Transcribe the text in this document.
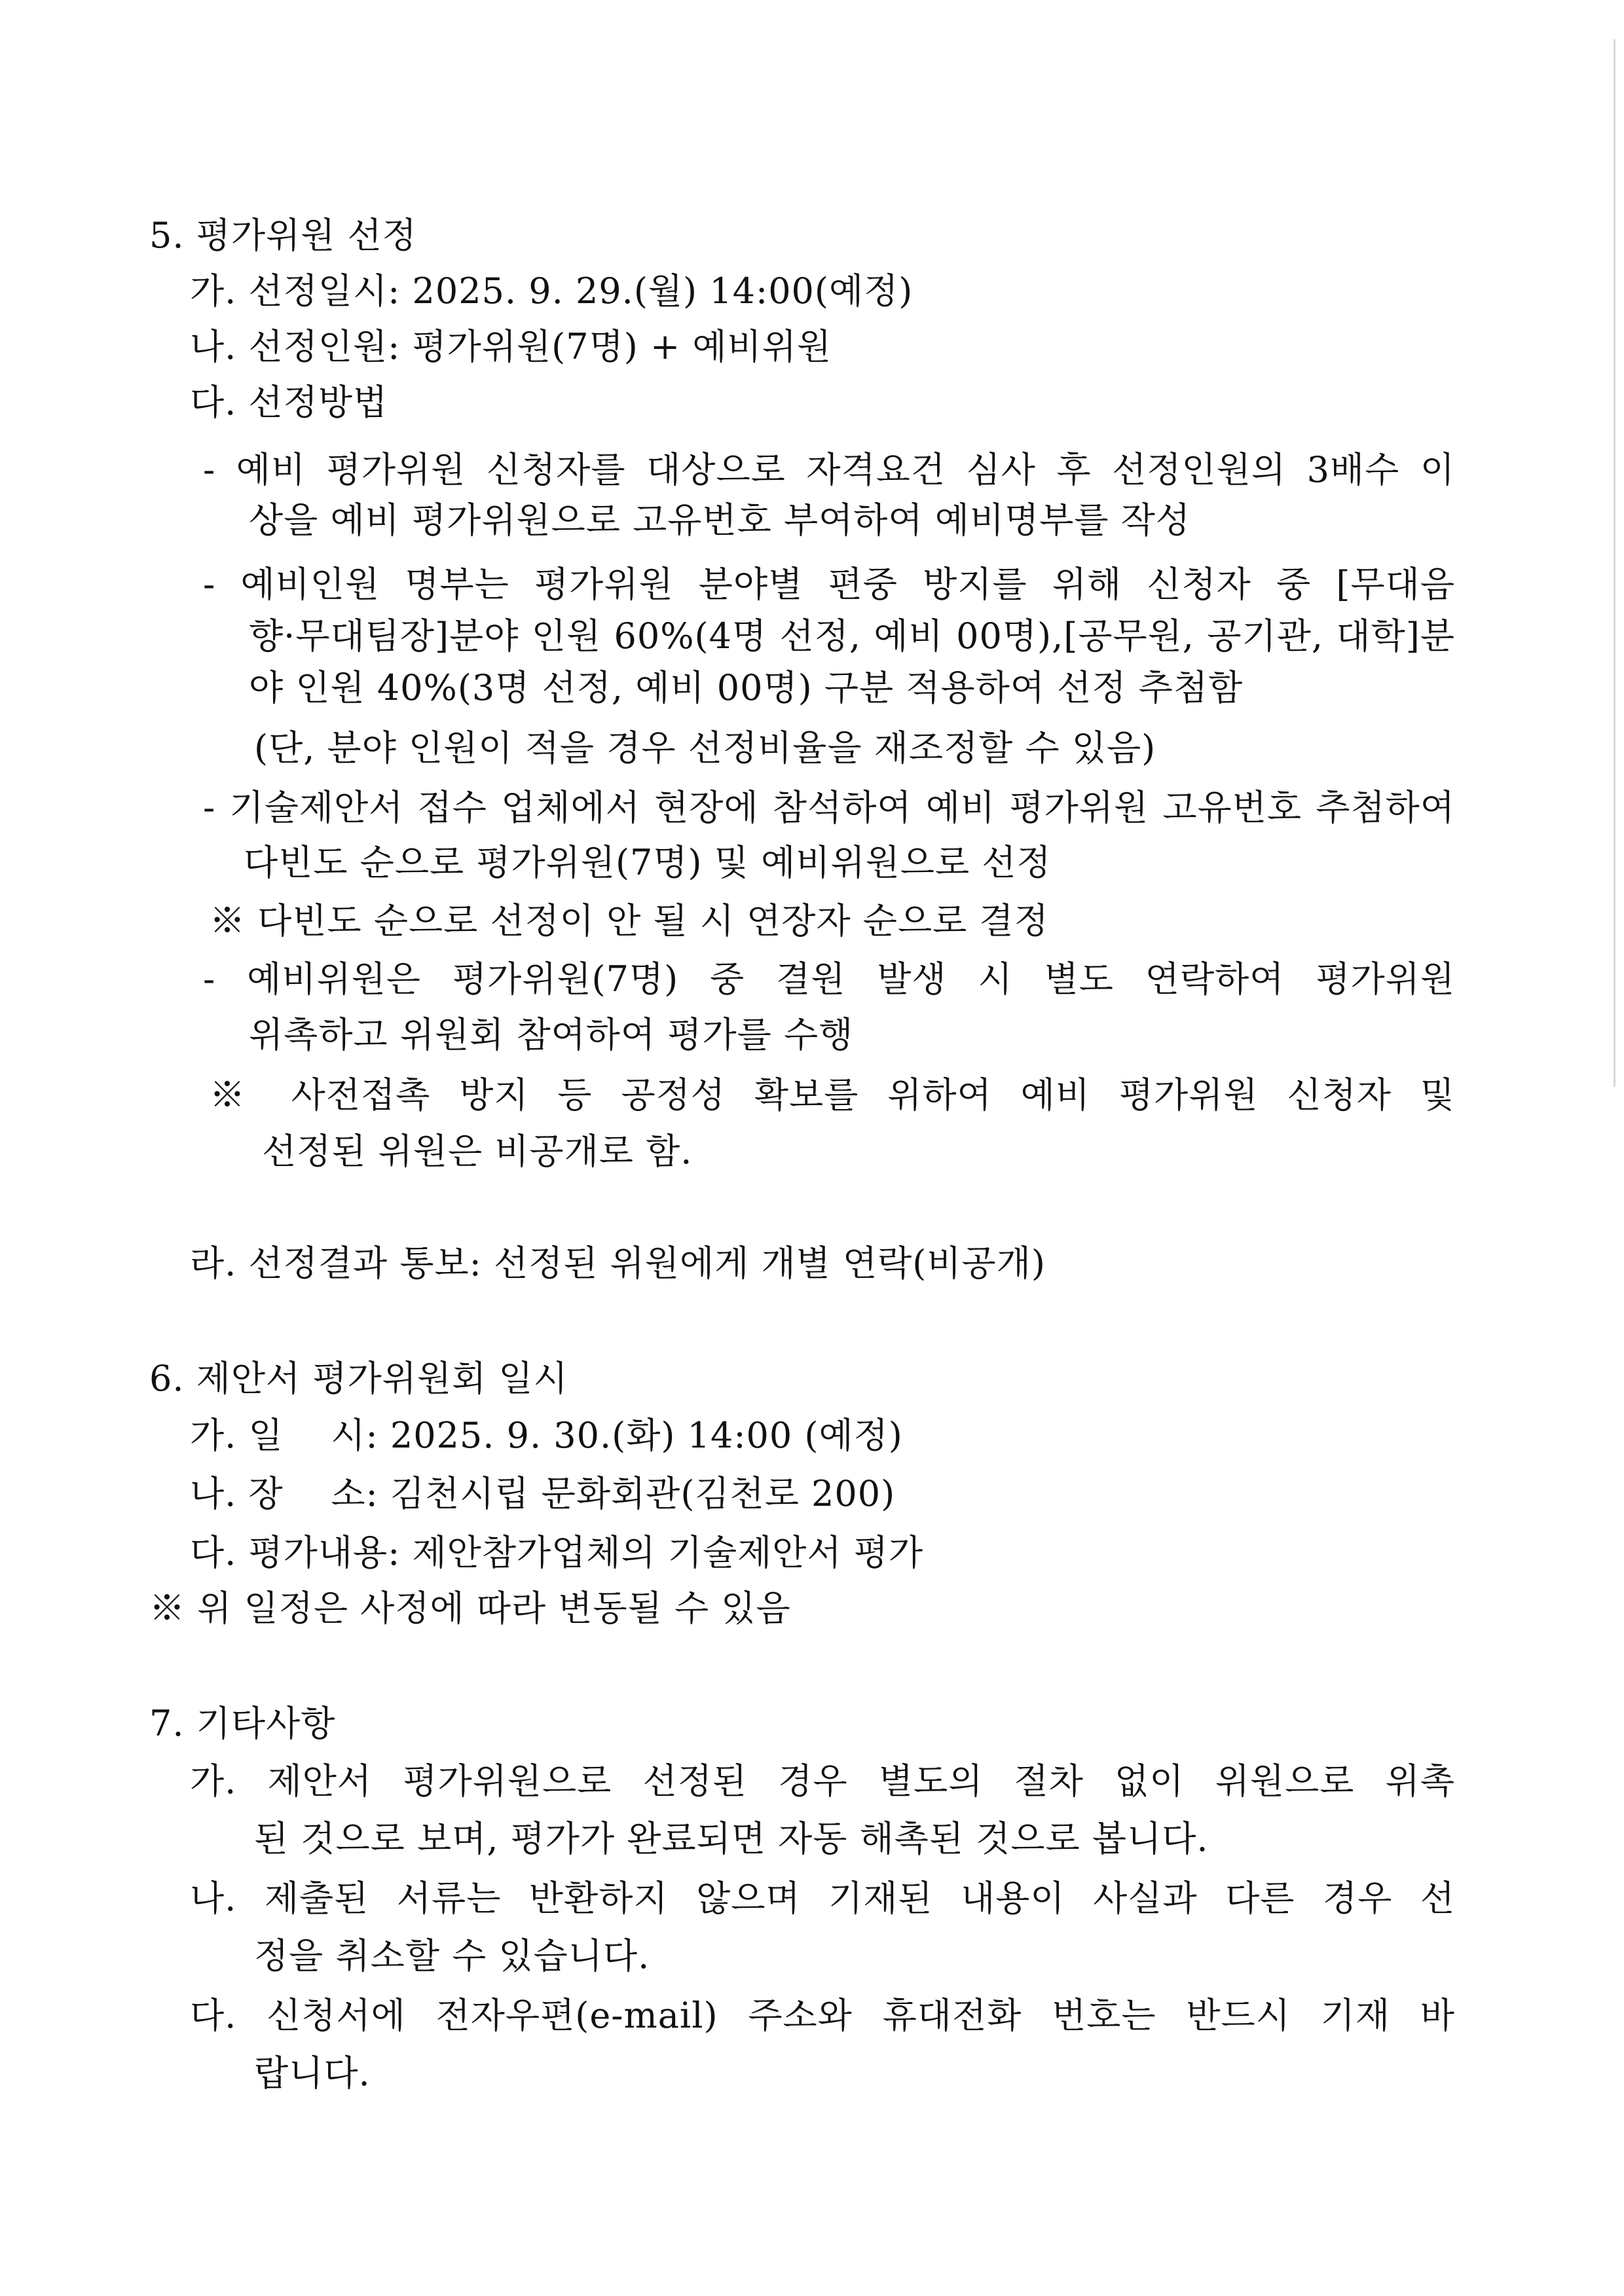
5. 평가위원 선정
가. 선정일시: 2025. 9. 29.(월) 14:00(예정)
나. 선정인원: 평가위원(7명) + 예비위원
다. 선정방법
- 예비 평가위원 신청자를 대상으로 자격요건 심사 후 선정인원의 3배수 이
상을 예비 평가위원으로 고유번호 부여하여 예비명부를 작성
- 예비인원 명부는 평가위원 분야별 편중 방지를 위해 신청자 중 [무대음
향·무대팀장]분야 인원 60%(4명 선정, 예비 00명),[공무원, 공기관, 대학]분
야 인원 40%(3명 선정, 예비 00명) 구분 적용하여 선정 추첨함
(단, 분야 인원이 적을 경우 선정비율을 재조정할 수 있음)
- 기술제안서 접수 업체에서 현장에 참석하여 예비 평가위원 고유번호 추첨하여
다빈도 순으로 평가위원(7명) 및 예비위원으로 선정
※ 다빈도 순으로 선정이 안 될 시 연장자 순으로 결정
- 예비위원은 평가위원(7명) 중 결원 발생 시 별도 연락하여 평가위원
위촉하고 위원회 참여하여 평가를 수행
※ 사전접촉 방지 등 공정성 확보를 위하여 예비 평가위원 신청자 및
선정된 위원은 비공개로 함.
라. 선정결과 통보: 선정된 위원에게 개별 연락(비공개)
6. 제안서 평가위원회 일시
가. 일    시: 2025. 9. 30.(화) 14:00 (예정)
나. 장    소: 김천시립 문화회관(김천로 200)
다. 평가내용: 제안참가업체의 기술제안서 평가
※ 위 일정은 사정에 따라 변동될 수 있음
7. 기타사항
가. 제안서 평가위원으로 선정된 경우 별도의 절차 없이 위원으로 위촉
된 것으로 보며, 평가가 완료되면 자동 해촉된 것으로 봅니다.
나. 제출된 서류는 반환하지 않으며 기재된 내용이 사실과 다른 경우 선
정을 취소할 수 있습니다.
다. 신청서에 전자우편(e-mail) 주소와 휴대전화 번호는 반드시 기재 바
랍니다.
